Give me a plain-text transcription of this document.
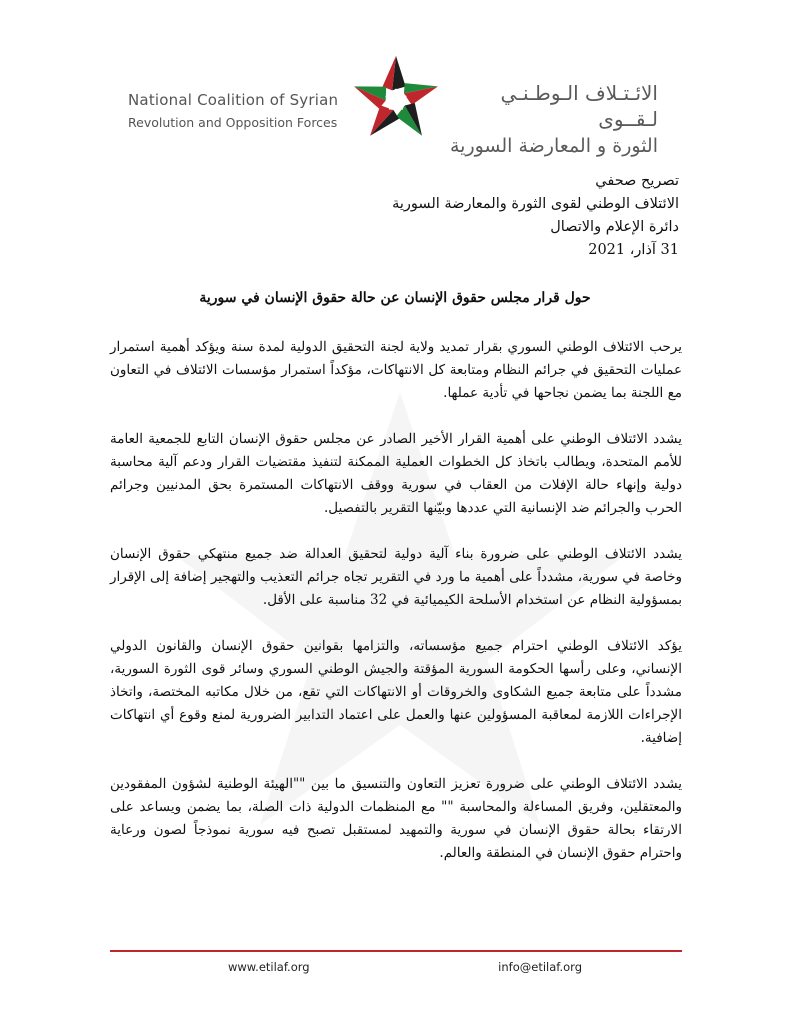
National Coalition of Syrian
Revolution and Opposition Forces
الائـتـلاف الـوطـنـي لـقــوى
الثورة و المعارضة السورية
تصريح صحفي
الائتلاف الوطني لقوى الثورة والمعارضة السورية
دائرة الإعلام والاتصال
31 آذار، 2021
حول قرار مجلس حقوق الإنسان عن حالة حقوق الإنسان في سورية

يرحب الائتلاف الوطني السوري بقرار تمديد ولاية لجنة التحقيق الدولية لمدة سنة ويؤكد أهمية استمرار عمليات التحقيق في جرائم النظام ومتابعة كل الانتهاكات، مؤكداً استمرار مؤسسات الائتلاف في التعاون مع اللجنة بما يضمن نجاحها في تأدية عملها.

يشدد الائتلاف الوطني على أهمية القرار الأخير الصادر عن مجلس حقوق الإنسان التابع للجمعية العامة للأمم المتحدة، ويطالب باتخاذ كل الخطوات العملية الممكنة لتنفيذ مقتضيات القرار ودعم آلية محاسبة دولية وإنهاء حالة الإفلات من العقاب في سورية ووقف الانتهاكات المستمرة بحق المدنيين وجرائم الحرب والجرائم ضد الإنسانية التي عددها وبيّنها التقرير بالتفصيل.

يشدد الائتلاف الوطني على ضرورة بناء آلية دولية لتحقيق العدالة ضد جميع منتهكي حقوق الإنسان وخاصة في سورية، مشدداً على أهمية ما ورد في التقرير تجاه جرائم التعذيب والتهجير إضافة إلى الإقرار بمسؤولية النظام عن استخدام الأسلحة الكيميائية في 32 مناسبة على الأقل.

يؤكد الائتلاف الوطني احترام جميع مؤسساته، والتزامها بقوانين حقوق الإنسان والقانون الدولي الإنساني، وعلى رأسها الحكومة السورية المؤقتة والجيش الوطني السوري وسائر قوى الثورة السورية، مشدداً على متابعة جميع الشكاوى والخروقات أو الانتهاكات التي تقع، من خلال مكاتبه المختصة، واتخاذ الإجراءات اللازمة لمعاقبة المسؤولين عنها والعمل على اعتماد التدابير الضرورية لمنع وقوع أي انتهاكات إضافية.

يشدد الائتلاف الوطني على ضرورة تعزيز التعاون والتنسيق ما بين ""الهيئة الوطنية لشؤون المفقودين والمعتقلين، وفريق المساءلة والمحاسبة "" مع المنظمات الدولية ذات الصلة، بما يضمن ويساعد على الارتقاء بحالة حقوق الإنسان في سورية والتمهيد لمستقبل تصبح فيه سورية نموذجاً لصون ورعاية واحترام حقوق الإنسان في المنطقة والعالم.

www.etilaf.org	info@etilaf.org
